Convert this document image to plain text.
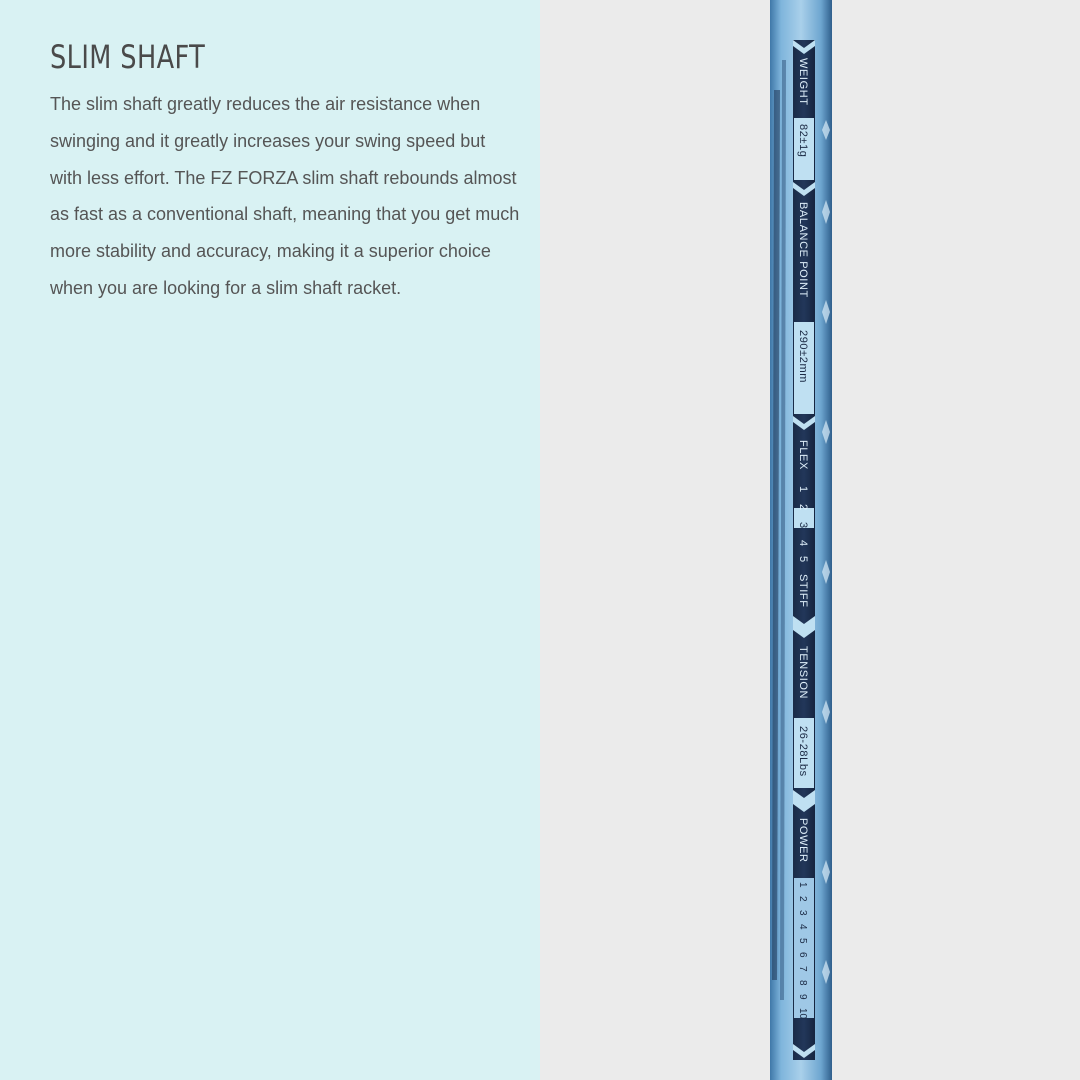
SLIM SHAFT

The slim shaft greatly reduces the air resistance when swinging and it greatly increases your swing speed but with less effort. The FZ FORZA slim shaft rebounds almost as fast as a conventional shaft, meaning that you get much more stability and accuracy, making it a superior choice when you are looking for a slim shaft racket.

WEIGHT
82±1g
BALANCE POINT
290±2mm
FLEX
1
2
3
4
5
STIFF
TENSION
26-28Lbs
POWER
1
2
3
4
5
6
7
8
9
10
